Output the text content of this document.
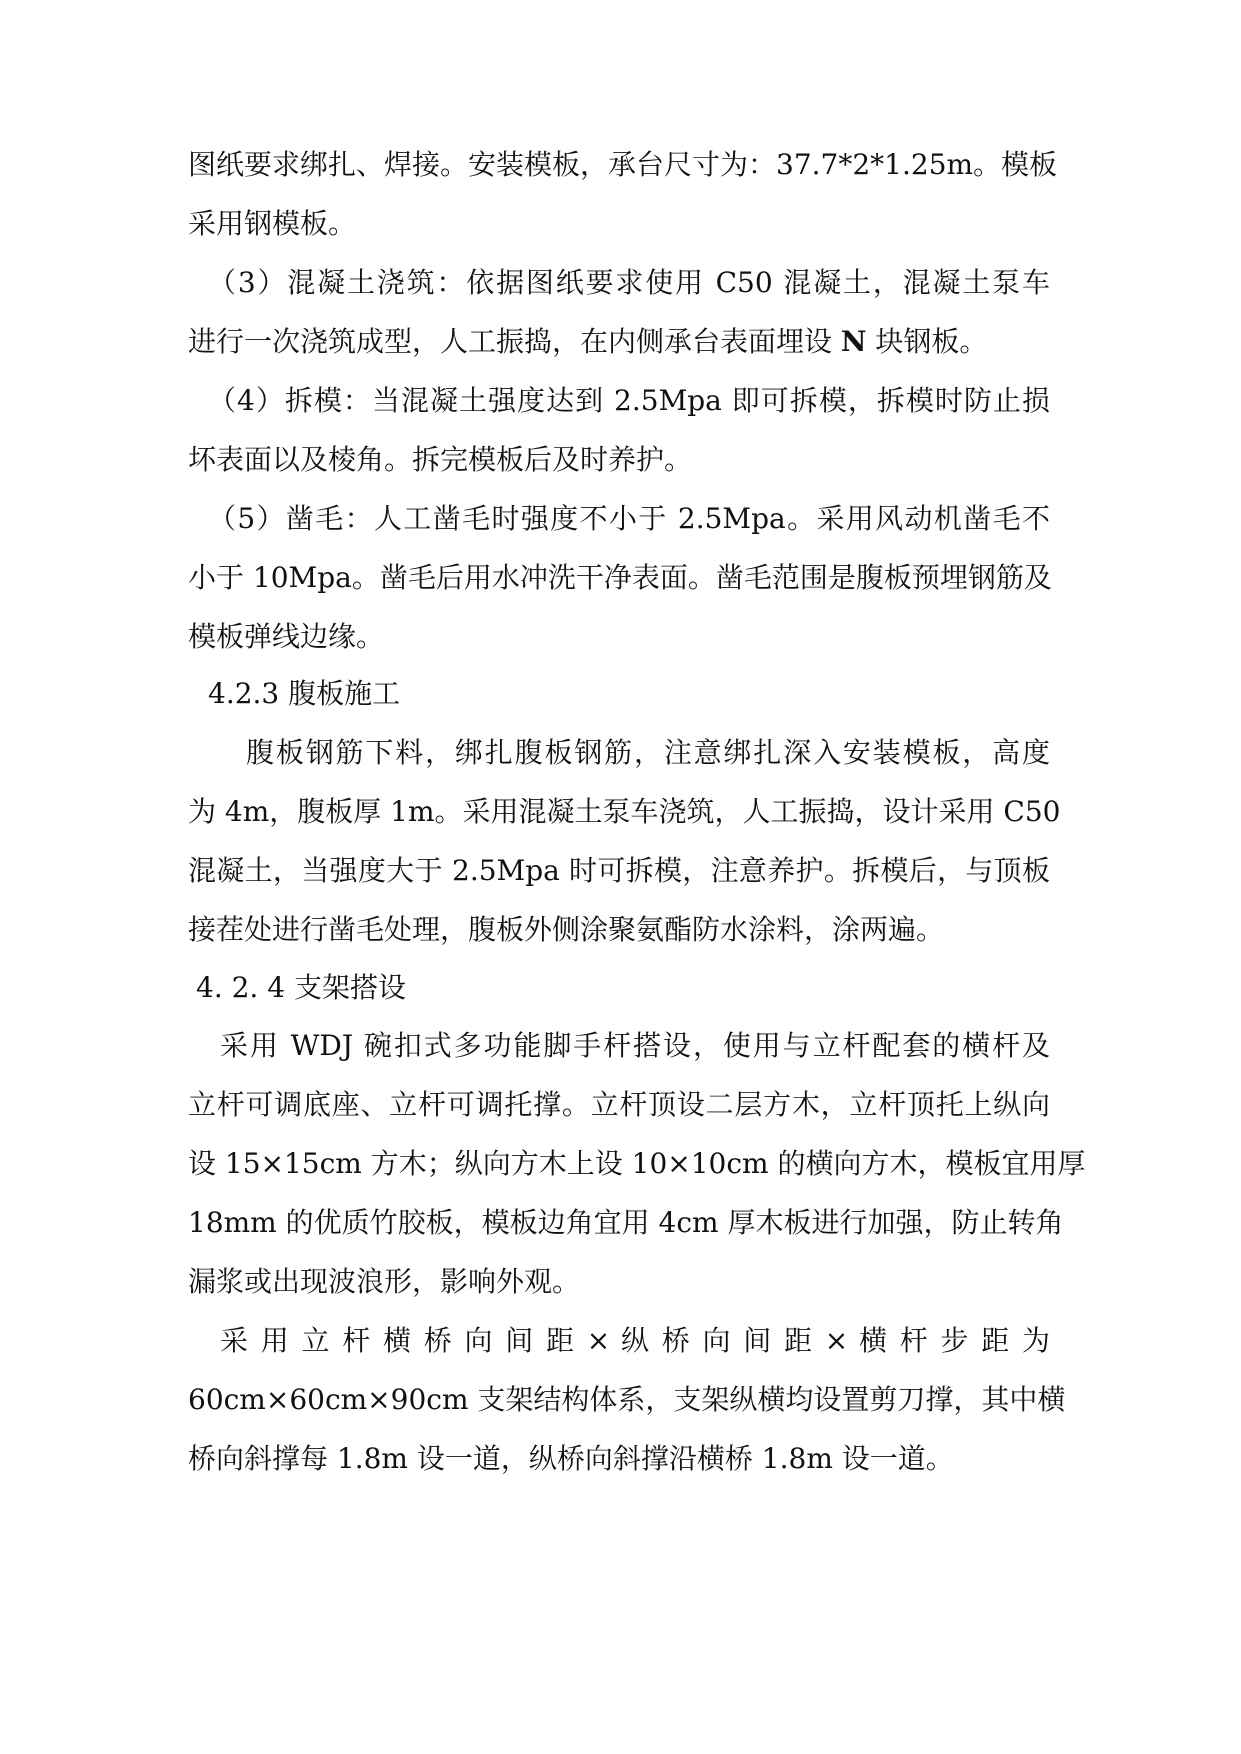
图纸要求绑扎、焊接。安装模板，承台尺寸为：37.7*2*1.25m。模板
采用钢模板。
（3）混凝土浇筑：依据图纸要求使用 C50 混凝土，混凝土泵车
进行一次浇筑成型，人工振捣，在内侧承台表面埋设 N 块钢板。
（4）拆模：当混凝土强度达到 2.5Mpa 即可拆模，拆模时防止损
坏表面以及棱角。拆完模板后及时养护。
（5）凿毛：人工凿毛时强度不小于 2.5Mpa。采用风动机凿毛不
小于 10Mpa。凿毛后用水冲洗干净表面。凿毛范围是腹板预埋钢筋及
模板弹线边缘。
4.2.3 腹板施工
腹板钢筋下料，绑扎腹板钢筋，注意绑扎深入安装模板，高度
为 4m，腹板厚 1m。采用混凝土泵车浇筑，人工振捣，设计采用 C50
混凝土，当强度大于 2.5Mpa 时可拆模，注意养护。拆模后，与顶板
接茬处进行凿毛处理，腹板外侧涂聚氨酯防水涂料，涂两遍。
4. 2. 4 支架搭设
采用 WDJ 碗扣式多功能脚手杆搭设，使用与立杆配套的横杆及
立杆可调底座、立杆可调托撑。立杆顶设二层方木，立杆顶托上纵向
设 15×15cm 方木；纵向方木上设 10×10cm 的横向方木，模板宜用厚
18mm 的优质竹胶板，模板边角宜用 4cm 厚木板进行加强，防止转角
漏浆或出现波浪形，影响外观。
采 用 立 杆 横 桥 向 间 距 × 纵 桥 向 间 距 × 横 杆 步 距 为
60cm×60cm×90cm 支架结构体系，支架纵横均设置剪刀撑，其中横
桥向斜撑每 1.8m 设一道，纵桥向斜撑沿横桥 1.8m 设一道。
